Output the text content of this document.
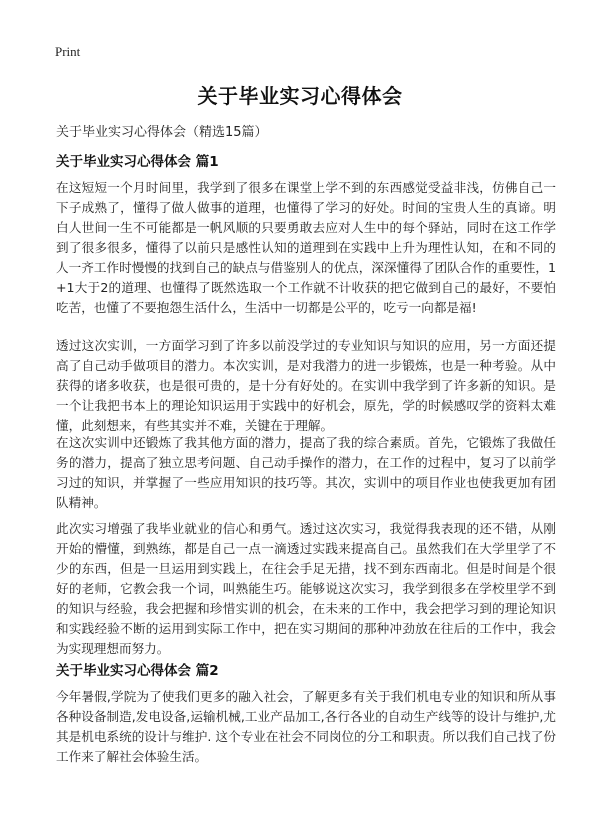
Print
关于毕业实习心得体会
关于毕业实习心得体会（精选15篇）
关于毕业实习心得体会 篇1

在这短短一个月时间里，我学到了很多在课堂上学不到的东西感觉受益非浅，仿佛自己一下子成熟了，懂得了做人做事的道理，也懂得了学习的好处。时间的宝贵人生的真谛。明白人世间一生不可能都是一帆风顺的只要勇敢去应对人生中的每个驿站，同时在这工作学到了很多很多，懂得了以前只是感性认知的道理到在实践中上升为理性认知，在和不同的人一齐工作时慢慢的找到自己的缺点与借鉴别人的优点，深深懂得了团队合作的重要性，1+1大于2的道理、也懂得了既然选取一个工作就不计收获的把它做到自己的最好，不要怕吃苦，也懂了不要抱怨生活什么，生活中一切都是公平的，吃亏一向都是福!

透过这次实训，一方面学习到了许多以前没学过的专业知识与知识的应用，另一方面还提高了自己动手做项目的潜力。本次实训，是对我潜力的进一步锻炼，也是一种考验。从中获得的诸多收获，也是很可贵的，是十分有好处的。在实训中我学到了许多新的知识。是一个让我把书本上的理论知识运用于实践中的好机会，原先，学的时候感叹学的资料太难懂，此刻想来，有些其实并不难，关键在于理解。

在这次实训中还锻炼了我其他方面的潜力，提高了我的综合素质。首先，它锻炼了我做任务的潜力，提高了独立思考问题、自己动手操作的潜力，在工作的过程中，复习了以前学习过的知识，并掌握了一些应用知识的技巧等。其次，实训中的项目作业也使我更加有团队精神。

此次实习增强了我毕业就业的信心和勇气。透过这次实习，我觉得我表现的还不错，从刚开始的懵懂，到熟练，都是自己一点一滴透过实践来提高自己。虽然我们在大学里学了不少的东西，但是一旦运用到实践上，在往会手足无措，找不到东西南北。但是时间是个很好的老师，它教会我一个词，叫熟能生巧。能够说这次实习，我学到很多在学校里学不到的知识与经验，我会把握和珍惜实训的机会，在未来的工作中，我会把学习到的理论知识和实践经验不断的运用到实际工作中，把在实习期间的那种冲劲放在往后的工作中，我会为实现理想而努力。

关于毕业实习心得体会 篇2

今年暑假,学院为了使我们更多的融入社会，了解更多有关于我们机电专业的知识和所从事各种设备制造,发电设备,运输机械,工业产品加工,各行各业的自动生产线等的设计与维护,尤其是机电系统的设计与维护. 这个专业在社会不同岗位的分工和职责。所以我们自己找了份工作来了解社会体验生活。
